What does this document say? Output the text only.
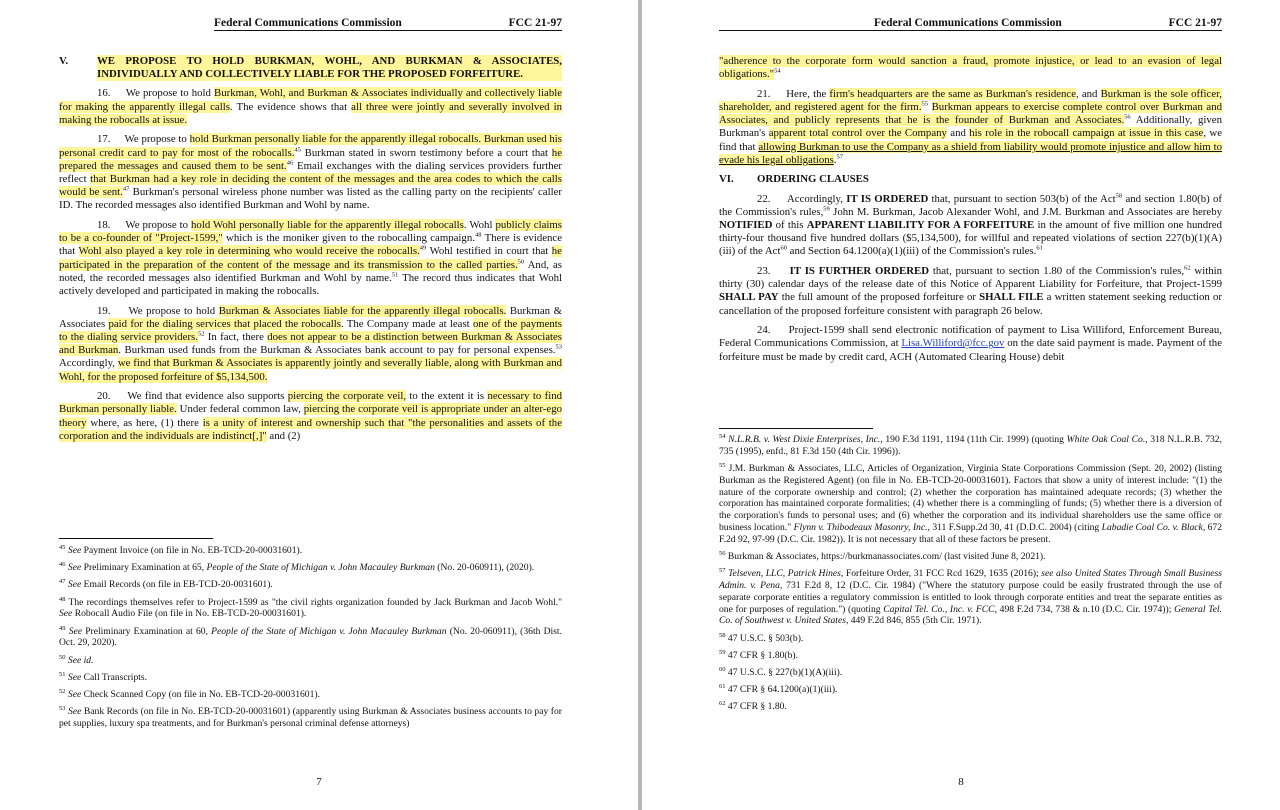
Federal Communications Commission	FCC 21-97
V.	WE PROPOSE TO HOLD BURKMAN, WOHL, AND BURKMAN & ASSOCIATES, INDIVIDUALLY AND COLLECTIVELY LIABLE FOR THE PROPOSED FORFEITURE.

16.     We propose to hold Burkman, Wohl, and Burkman & Associates individually and collectively liable for making the apparently illegal calls. The evidence shows that all three were jointly and severally involved in making the robocalls at issue.

17.     We propose to hold Burkman personally liable for the apparently illegal robocalls. Burkman used his personal credit card to pay for most of the robocalls.$^{45}$ Burkman stated in sworn testimony before a court that he prepared the messages and caused them to be sent.$^{46}$ Email exchanges with the dialing services providers further reflect that Burkman had a key role in deciding the content of the messages and the area codes to which the calls would be sent.$^{47}$ Burkman's personal wireless phone number was listed as the calling party on the recipients' caller ID. The recorded messages also identified Burkman and Wohl by name.

18.     We propose to hold Wohl personally liable for the apparently illegal robocalls. Wohl publicly claims to be a co-founder of "Project-1599," which is the moniker given to the robocalling campaign.$^{48}$ There is evidence that Wohl also played a key role in determining who would receive the robocalls.$^{49}$ Wohl testified in court that he participated in the preparation of the content of the message and its transmission to the called parties.$^{50}$ And, as noted, the recorded messages also identified Burkman and Wohl by name.$^{51}$ The record thus indicates that Wohl actively developed and participated in making the robocalls.

19.     We propose to hold Burkman & Associates liable for the apparently illegal robocalls. Burkman & Associates paid for the dialing services that placed the robocalls. The Company made at least one of the payments to the dialing service providers.$^{52}$ In fact, there does not appear to be a distinction between Burkman & Associates and Burkman. Burkman used funds from the Burkman & Associates bank account to pay for personal expenses.$^{53}$ Accordingly, we find that Burkman & Associates is apparently jointly and severally liable, along with Burkman and Wohl, for the proposed forfeiture of $5,134,500.

20.     We find that evidence also supports piercing the corporate veil, to the extent it is necessary to find Burkman personally liable. Under federal common law, piercing the corporate veil is appropriate under an alter-ego theory where, as here, (1) there is a unity of interest and ownership such that "the personalities and assets of the corporation and the individuals are indistinct[,]" and (2)

$^{45}$ See Payment Invoice (on file in No. EB-TCD-20-00031601).

$^{46}$ See Preliminary Examination at 65, People of the State of Michigan v. John Macauley Burkman (No. 20-060911), (2020).

$^{47}$ See Email Records (on file in EB-TCD-20-0031601).

$^{48}$ The recordings themselves refer to Project-1599 as "the civil rights organization founded by Jack Burkman and Jacob Wohl." See Robocall Audio File (on file in No. EB-TCD-20-00031601).

$^{49}$ See Preliminary Examination at 60, People of the State of Michigan v. John Macauley Burkman (No. 20-060911), (36th Dist. Oct. 29, 2020).

$^{50}$ See id.

$^{51}$ See Call Transcripts.

$^{52}$ See Check Scanned Copy (on file in No. EB-TCD-20-00031601).

$^{53}$ See Bank Records (on file in No. EB-TCD-20-00031601) (apparently using Burkman & Associates business accounts to pay for pet supplies, luxury spa treatments, and for Burkman's personal criminal defense attorneys)

7
Federal Communications Commission	FCC 21-97

"adherence to the corporate form would sanction a fraud, promote injustice, or lead to an evasion of legal obligations."$^{54}$

21.     Here, the firm's headquarters are the same as Burkman's residence, and Burkman is the sole officer, shareholder, and registered agent for the firm.$^{55}$ Burkman appears to exercise complete control over Burkman and Associates, and publicly represents that he is the founder of Burkman and Associates.$^{56}$ Additionally, given Burkman's apparent total control over the Company and his role in the robocall campaign at issue in this case, we find that allowing Burkman to use the Company as a shield from liability would promote injustice and allow him to evade his legal obligations.$^{57}$

VI.	ORDERING CLAUSES

22.     Accordingly, IT IS ORDERED that, pursuant to section 503(b) of the Act$^{58}$ and section 1.80(b) of the Commission's rules,$^{59}$ John M. Burkman, Jacob Alexander Wohl, and J.M. Burkman and Associates are hereby NOTIFIED of this APPARENT LIABILITY FOR A FORFEITURE in the amount of five million one hundred thirty-four thousand five hundred dollars ($5,134,500), for willful and repeated violations of section 227(b)(1)(A)(iii) of the Act$^{60}$ and Section 64.1200(a)(1)(iii) of the Commission's rules.$^{61}$

23.     IT IS FURTHER ORDERED that, pursuant to section 1.80 of the Commission's rules,$^{62}$ within thirty (30) calendar days of the release date of this Notice of Apparent Liability for Forfeiture, that Project-1599 SHALL PAY the full amount of the proposed forfeiture or SHALL FILE a written statement seeking reduction or cancellation of the proposed forfeiture consistent with paragraph 26 below.

24.     Project-1599 shall send electronic notification of payment to Lisa Williford, Enforcement Bureau, Federal Communications Commission, at Lisa.Williford@fcc.gov on the date said payment is made. Payment of the forfeiture must be made by credit card, ACH (Automated Clearing House) debit

$^{54}$ N.L.R.B. v. West Dixie Enterprises, Inc., 190 F.3d 1191, 1194 (11th Cir. 1999) (quoting White Oak Coal Co., 318 N.L.R.B. 732, 735 (1995), enfd., 81 F.3d 150 (4th Cir. 1996)).

$^{55}$ J.M. Burkman & Associates, LLC, Articles of Organization, Virginia State Corporations Commission (Sept. 20, 2002) (listing Burkman as the Registered Agent) (on file in No. EB-TCD-20-00031601). Factors that show a unity of interest include: "(1) the nature of the corporate ownership and control; (2) whether the corporation has maintained adequate records; (3) whether the corporation has maintained corporate formalities; (4) whether there is a commingling of funds; (5) whether there is a diversion of the corporation's funds to personal uses; and (6) whether the corporation and its individual shareholders use the same office or business location." Flynn v. Thibodeaux Masonry, Inc., 311 F.Supp.2d 30, 41 (D.D.C. 2004) (citing Labadie Coal Co. v. Black, 672 F.2d 92, 97-99 (D.C. Cir. 1982)). It is not necessary that all of these factors be present.

$^{56}$ Burkman & Associates, https://burkmanassociates.com/ (last visited June 8, 2021).

$^{57}$ Telseven, LLC, Patrick Hines, Forfeiture Order, 31 FCC Rcd 1629, 1635 (2016); see also United States Through Small Business Admin. v. Pena, 731 F.2d 8, 12 (D.C. Cir. 1984) ("Where the statutory purpose could be easily frustrated through the use of separate corporate entities a regulatory commission is entitled to look through corporate entities and treat the separate entities as one for purposes of regulation.") (quoting Capital Tel. Co., Inc. v. FCC, 498 F.2d 734, 738 & n.10 (D.C. Cir. 1974)); General Tel. Co. of Southwest v. United States, 449 F.2d 846, 855 (5th Cir. 1971).

$^{58}$ 47 U.S.C. § 503(b).

$^{59}$ 47 CFR § 1.80(b).

$^{60}$ 47 U.S.C. § 227(b)(1)(A)(iii).

$^{61}$ 47 CFR § 64.1200(a)(1)(iii).

$^{62}$ 47 CFR § 1.80.

8
